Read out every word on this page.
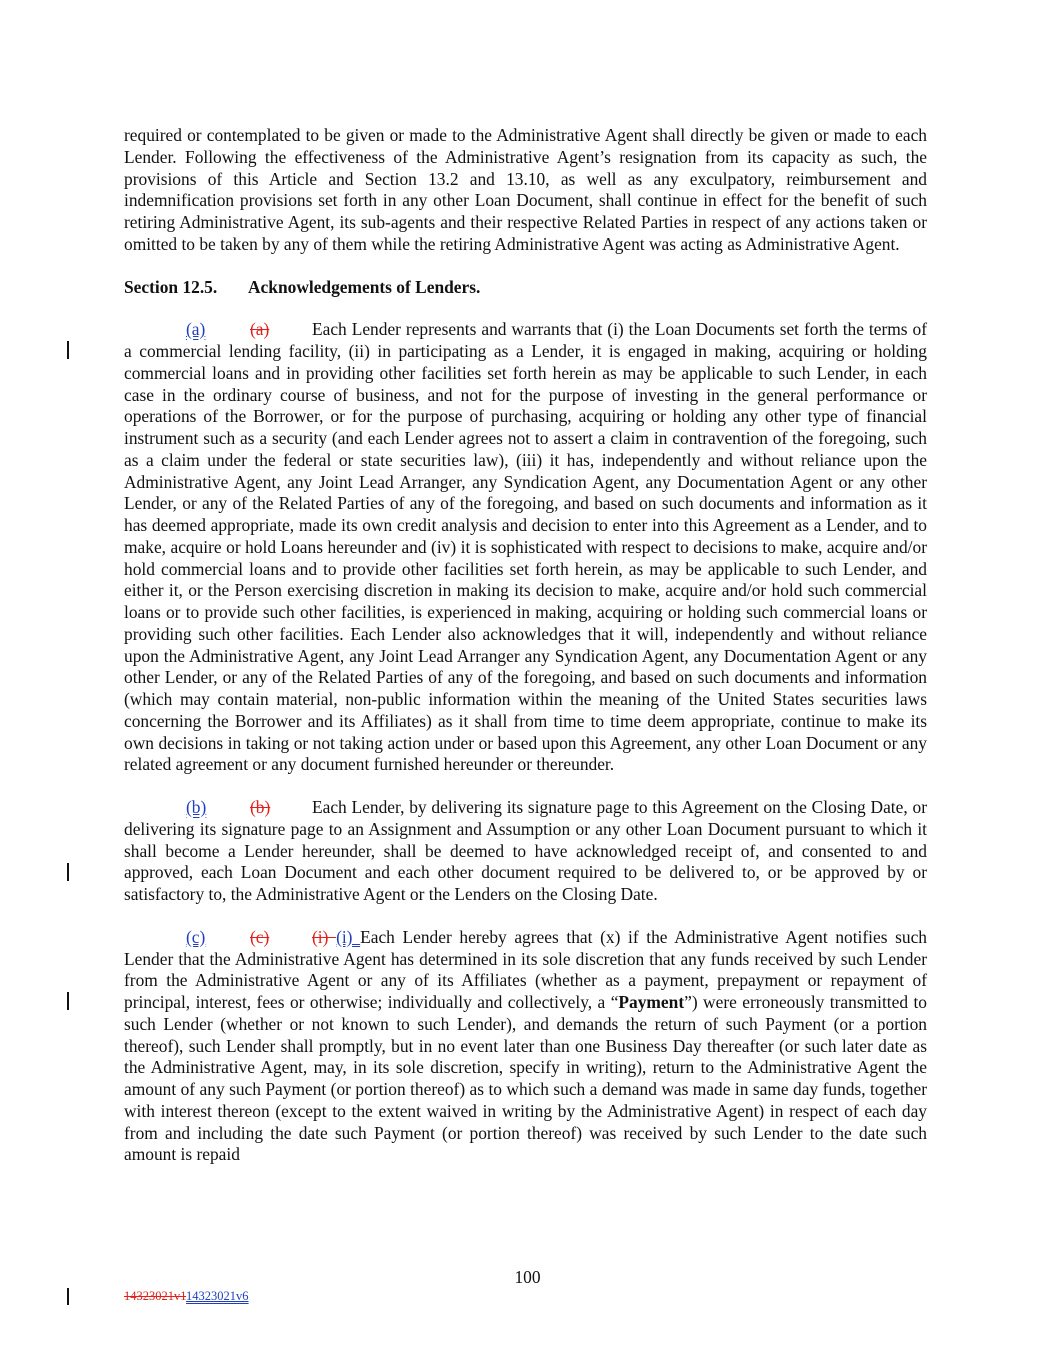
required or contemplated to be given or made to the Administrative Agent shall directly be given or made to each Lender. Following the effectiveness of the Administrative Agent’s resignation from its capacity as such, the provisions of this Article and Section 13.2 and 13.10, as well as any exculpatory, reimbursement and indemnification provisions set forth in any other Loan Document, shall continue in effect for the benefit of such retiring Administrative Agent, its sub-agents and their respective Related Parties in respect of any actions taken or omitted to be taken by any of them while the retiring Administrative Agent was acting as Administrative Agent.

Section 12.5. Acknowledgements of Lenders.

(a)	(a) Each Lender represents and warrants that (i) the Loan Documents set forth the terms of a commercial lending facility, (ii) in participating as a Lender, it is engaged in making, acquiring or holding commercial loans and in providing other facilities set forth herein as may be applicable to such Lender, in each case in the ordinary course of business, and not for the purpose of investing in the general performance or operations of the Borrower, or for the purpose of purchasing, acquiring or holding any other type of financial instrument such as a security (and each Lender agrees not to assert a claim in contravention of the foregoing, such as a claim under the federal or state securities law), (iii) it has, independently and without reliance upon the Administrative Agent, any Joint Lead Arranger, any Syndication Agent, any Documentation Agent or any other Lender, or any of the Related Parties of any of the foregoing, and based on such documents and information as it has deemed appropriate, made its own credit analysis and decision to enter into this Agreement as a Lender, and to make, acquire or hold Loans hereunder and (iv) it is sophisticated with respect to decisions to make, acquire and/or hold commercial loans and to provide other facilities set forth herein, as may be applicable to such Lender, and either it, or the Person exercising discretion in making its decision to make, acquire and/or hold such commercial loans or to provide such other facilities, is experienced in making, acquiring or holding such commercial loans or providing such other facilities. Each Lender also acknowledges that it will, independently and without reliance upon the Administrative Agent, any Joint Lead Arranger any Syndication Agent, any Documentation Agent or any other Lender, or any of the Related Parties of any of the foregoing, and based on such documents and information (which may contain material, non-public information within the meaning of the United States securities laws concerning the Borrower and its Affiliates) as it shall from time to time deem appropriate, continue to make its own decisions in taking or not taking action under or based upon this Agreement, any other Loan Document or any related agreement or any document furnished hereunder or thereunder.

(b)	(b) Each Lender, by delivering its signature page to this Agreement on the Closing Date, or delivering its signature page to an Assignment and Assumption or any other Loan Document pursuant to which it shall become a Lender hereunder, shall be deemed to have acknowledged receipt of, and consented to and approved, each Loan Document and each other document required to be delivered to, or be approved by or satisfactory to, the Administrative Agent or the Lenders on the Closing Date.

(c)	(c) (i) (i) Each Lender hereby agrees that (x) if the Administrative Agent notifies such Lender that the Administrative Agent has determined in its sole discretion that any funds received by such Lender from the Administrative Agent or any of its Affiliates (whether as a payment, prepayment or repayment of principal, interest, fees or otherwise; individually and collectively, a “Payment”) were erroneously transmitted to such Lender (whether or not known to such Lender), and demands the return of such Payment (or a portion thereof), such Lender shall promptly, but in no event later than one Business Day thereafter (or such later date as the Administrative Agent, may, in its sole discretion, specify in writing), return to the Administrative Agent the amount of any such Payment (or portion thereof) as to which such a demand was made in same day funds, together with interest thereon (except to the extent waived in writing by the Administrative Agent) in respect of each day from and including the date such Payment (or portion thereof) was received by such Lender to the date such amount is repaid

100
14323021v114323021v6
